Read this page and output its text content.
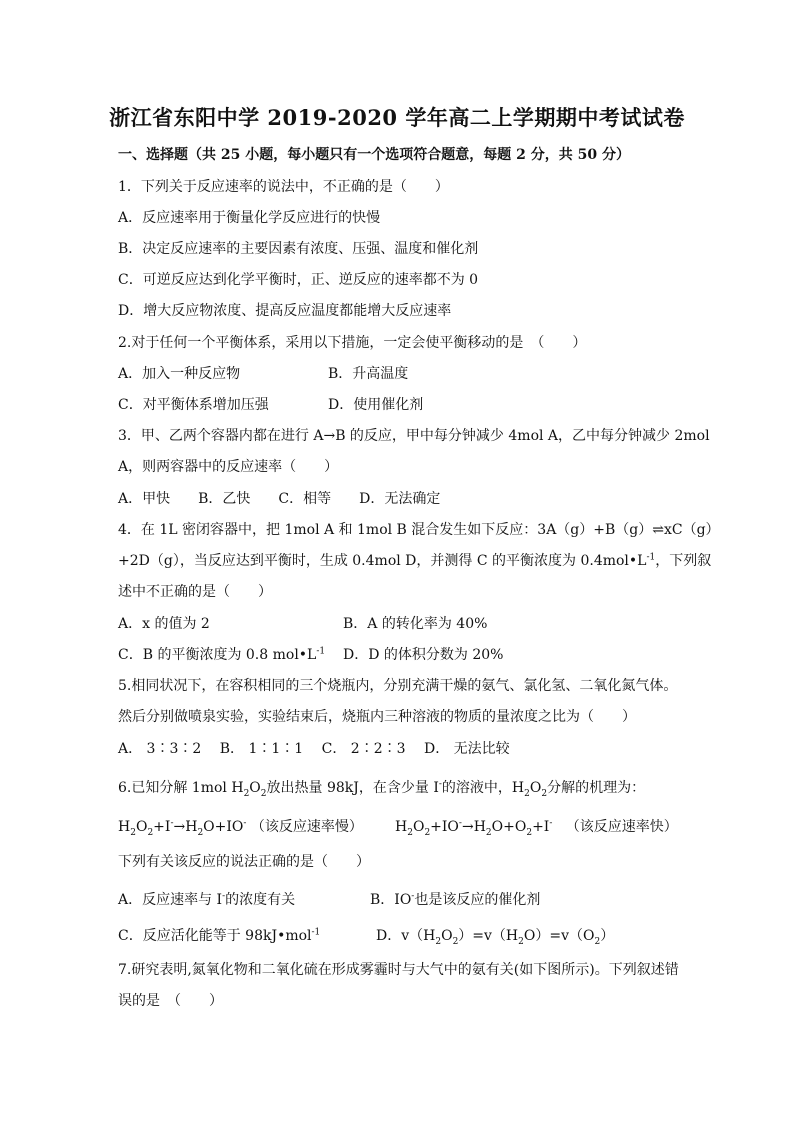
浙江省东阳中学 2019-2020 学年高二上学期期中考试试卷
一、选择题（共 25 小题，每小题只有一个选项符合题意，每题 2 分，共 50 分）
1．下列关于反应速率的说法中，不正确的是（　　）
A．反应速率用于衡量化学反应进行的快慢
B．决定反应速率的主要因素有浓度、压强、温度和催化剂
C．可逆反应达到化学平衡时，正、逆反应的速率都不为 0
D．增大反应物浓度、提高反应温度都能增大反应速率
2.对于任何一个平衡体系，采用以下措施，一定会使平衡移动的是　（　　）
A．加入一种反应物	B．升高温度
C．对平衡体系增加压强	D．使用催化剂
3．甲、乙两个容器内都在进行 A→B 的反应，甲中每分钟减少 4mol A，乙中每分钟减少 2mol
A，则两容器中的反应速率（　　）
A．甲快　　B．乙快　　C．相等　　D．无法确定
4．在 1L 密闭容器中，把 1mol A 和 1mol B 混合发生如下反应：3A（g）+B（g）⇌xC（g）
+2D（g），当反应达到平衡时，生成 0.4mol D，并测得 C 的平衡浓度为 $0.4mol•L^{-1}$，下列叙
述中不正确的是（　　）
A．x 的值为 2	B．A 的转化率为 40%
C．B 的平衡浓度为 0.8 $mol•L^{-1}$ D．D 的体积分数为 20%
5.相同状况下，在容积相同的三个烧瓶内，分别充满干燥的氨气、氯化氢、二氧化氮气体。
然后分别做喷泉实验，实验结束后，烧瓶内三种溶液的物质的量浓度之比为（　　）
A． 3∶3∶2　 B． 1∶1∶1　 C． 2∶2∶3　 D． 无法比较
6.已知分解 1mol $H_2O_2$放出热量 98kJ，在含少量 I-的溶液中，$H_2O_2$分解的机理为：
$H_2O_2+I^-\to H_2O+IO^-$ （该反应速率慢） $H_2O_2+IO^-\to H_2O+O_2+I^-$ （该反应速率快）
下列有关该反应的说法正确的是（　　）
A．反应速率与 I-的浓度有关	B．IO-也是该反应的催化剂
C．反应活化能等于 98kJ•mol$^{-1}$	D．$v(H_2O_2)=v(H_2O)=v(O_2)$
7.研究表明,氮氧化物和二氧化硫在形成雾霾时与大气中的氨有关(如下图所示)。下列叙述错
误的是　（　　）
